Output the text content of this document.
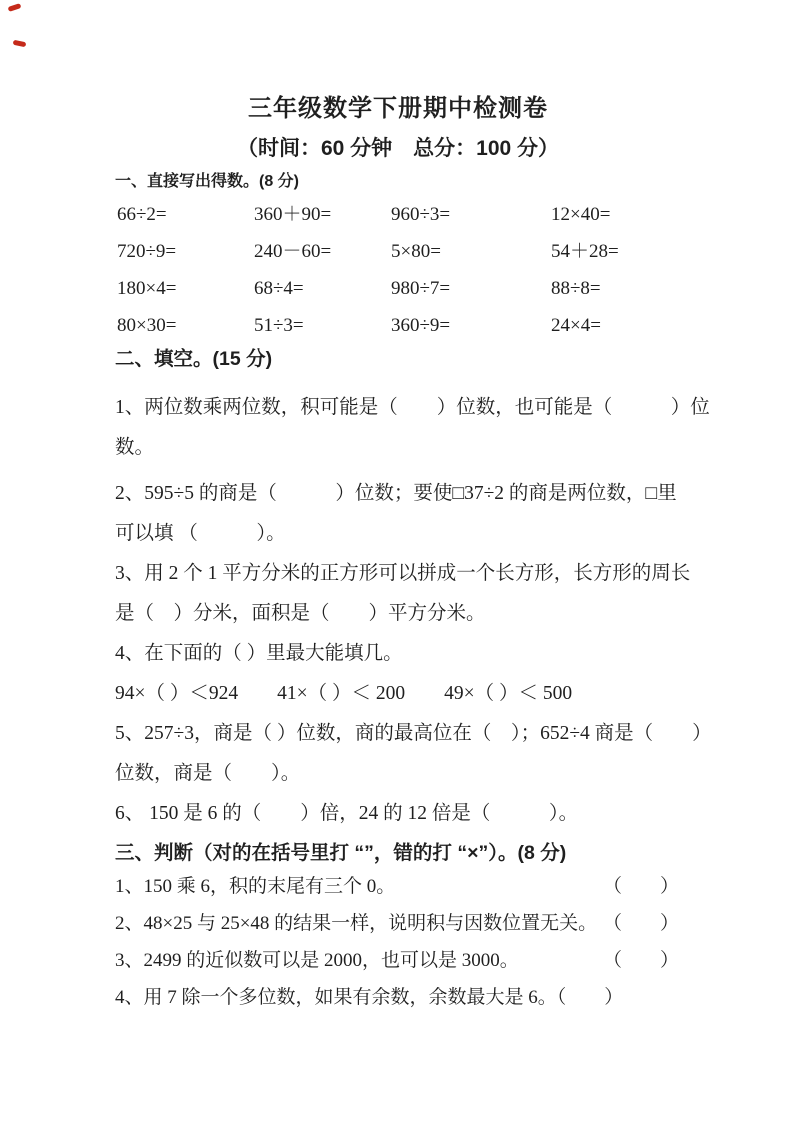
三年级数学下册期中检测卷
（时间：60 分钟　总分：100 分）
一、直接写出得数。(8 分)
66÷2=	360＋90=	960÷3=	12×40=
720÷9=	240－60=	5×80=	54＋28=
180×4=	68÷4=	980÷7=	88÷8=
80×30=	51÷3=	360÷9=	24×4=
二、填空。(15 分)
1、两位数乘两位数，积可能是（　　）位数，也可能是（　　　）位
数。
2、595÷5 的商是（　　　）位数；要使□37÷2 的商是两位数，□里
可以填 （　　　）。
3、用 2 个 1 平方分米的正方形可以拼成一个长方形，长方形的周长
是（　）分米，面积是（　　）平方分米。
4、在下面的（ ）里最大能填几。
94×（ ）＜924　　41×（ ）＜ 200　　49×（ ）＜ 500
5、257÷3，商是（ ）位数，商的最高位在（　）；652÷4 商是（　　）
位数，商是（　　）。
6、 150 是 6 的（　　）倍，24 的 12 倍是（　　　）。
三、判断（对的在括号里打 “”，错的打 “×”）。(8 分)
1、150 乘 6，积的末尾有三个 0。	（　　）
2、48×25 与 25×48 的结果一样，说明积与因数位置无关。 （　　）
3、2499 的近似数可以是 2000，也可以是 3000。	（　　）
4、用 7 除一个多位数，如果有余数，余数最大是 6。（　　）
